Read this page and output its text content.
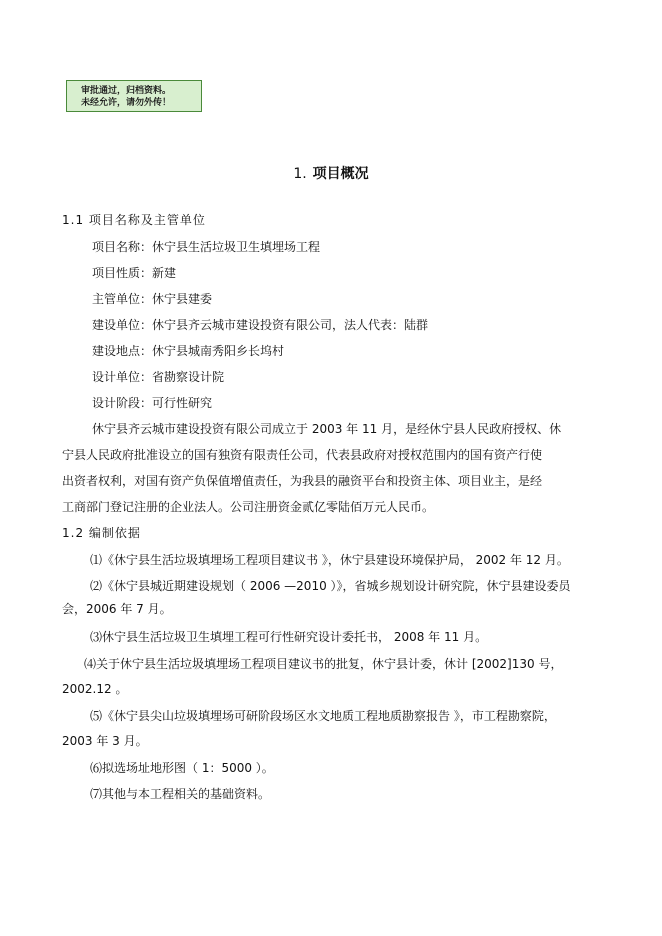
审批通过，归档资料。
未经允许，请勿外传！
1. 项目概况
1.1 项目名称及主管单位
项目名称：休宁县生活垃圾卫生填埋场工程
项目性质：新建
主管单位：休宁县建委
建设单位：休宁县齐云城市建设投资有限公司，法人代表：陆群
建设地点：休宁县城南秀阳乡长坞村
设计单位：省勘察设计院
设计阶段：可行性研究
休宁县齐云城市建设投资有限公司成立于 2003 年 11 月，是经休宁县人民政府授权、休
宁县人民政府批准设立的国有独资有限责任公司，代表县政府对授权范围内的国有资产行使
出资者权利，对国有资产负保值增值责任，为我县的融资平台和投资主体、项目业主，是经
工商部门登记注册的企业法人。公司注册资金贰亿零陆佰万元人民币。
1.2 编制依据
⑴《休宁县生活垃圾填埋场工程项目建议书 》，休宁县建设环境保护局， 2002 年 12 月。
⑵《休宁县城近期建设规划（ 2006 —2010 ）》，省城乡规划设计研究院，休宁县建设委员
会，2006 年 7 月。
⑶休宁县生活垃圾卫生填埋工程可行性研究设计委托书， 2008 年 11 月。
⑷关于休宁县生活垃圾填埋场工程项目建议书的批复，休宁县计委，休计 [2002]130 号，
2002.12 。
⑸《休宁县尖山垃圾填埋场可研阶段场区水文地质工程地质勘察报告 》，市工程勘察院，
2003 年 3 月。
⑹拟选场址地形图（ 1：5000 ）。
⑺其他与本工程相关的基础资料。
